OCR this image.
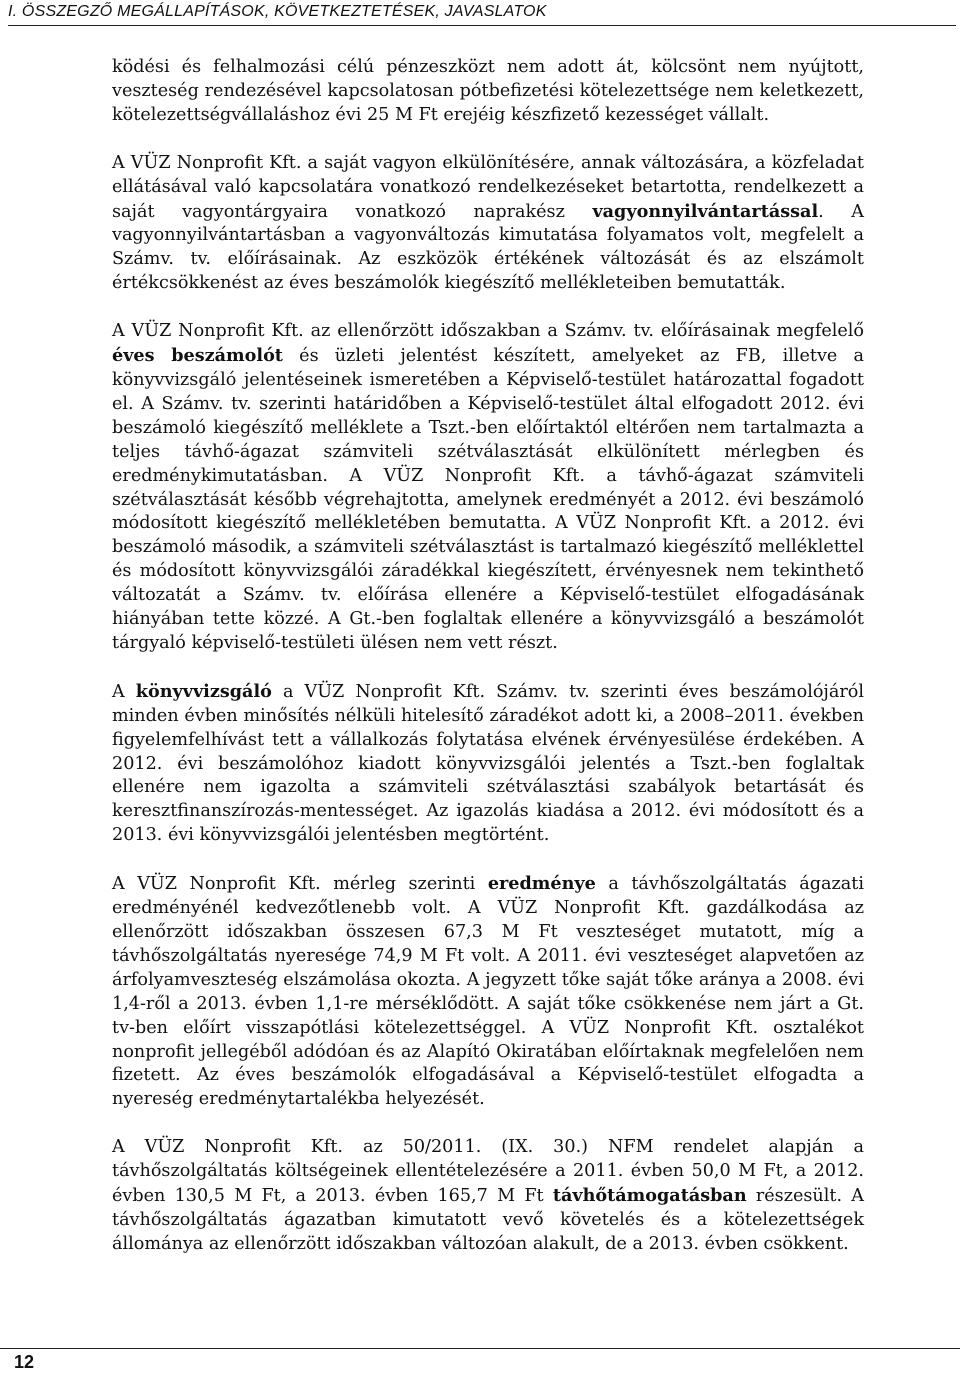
I. ÖSSZEGZŐ MEGÁLLAPÍTÁSOK, KÖVETKEZTETÉSEK, JAVASLATOK

ködési és felhalmozási célú pénzeszközt nem adott át, kölcsönt nem nyújtott, veszteség rendezésével kapcsolatosan pótbefizetési kötelezettsége nem keletkezett, kötelezettségvállaláshoz évi 25 M Ft erejéig készfizető kezességet vállalt.

A VÜZ Nonprofit Kft. a saját vagyon elkülönítésére, annak változására, a közfeladat ellátásával való kapcsolatára vonatkozó rendelkezéseket betartotta, rendelkezett a saját vagyontárgyaira vonatkozó naprakész vagyonnyilvántartással. A vagyonnyilvántartásban a vagyonváltozás kimutatása folyamatos volt, megfelelt a Számv. tv. előírásainak. Az eszközök értékének változását és az elszámolt értékcsökkenést az éves beszámolók kiegészítő mellékleteiben bemutatták.

A VÜZ Nonprofit Kft. az ellenőrzött időszakban a Számv. tv. előírásainak megfelelő éves beszámolót és üzleti jelentést készített, amelyeket az FB, illetve a könyvvizsgáló jelentéseinek ismeretében a Képviselő-testület határozattal fogadott el. A Számv. tv. szerinti határidőben a Képviselő-testület által elfogadott 2012. évi beszámoló kiegészítő melléklete a Tszt.-ben előírtaktól eltérően nem tartalmazta a teljes távhő-ágazat számviteli szétválasztását elkülönített mérlegben és eredménykimutatásban. A VÜZ Nonprofit Kft. a távhő-ágazat számviteli szétválasztását később végrehajtotta, amelynek eredményét a 2012. évi beszámoló módosított kiegészítő mellékletében bemutatta. A VÜZ Nonprofit Kft. a 2012. évi beszámoló második, a számviteli szétválasztást is tartalmazó kiegészítő melléklettel és módosított könyvvizsgálói záradékkal kiegészített, érvényesnek nem tekinthető változatát a Számv. tv. előírása ellenére a Képviselő-testület elfogadásának hiányában tette közzé. A Gt.-ben foglaltak ellenére a könyvvizsgáló a beszámolót tárgyaló képviselő-testületi ülésen nem vett részt.

A könyvvizsgáló a VÜZ Nonprofit Kft. Számv. tv. szerinti éves beszámolójáról minden évben minősítés nélküli hitelesítő záradékot adott ki, a 2008–2011. években figyelemfelhívást tett a vállalkozás folytatása elvének érvényesülése érdekében. A 2012. évi beszámolóhoz kiadott könyvvizsgálói jelentés a Tszt.-ben foglaltak ellenére nem igazolta a számviteli szétválasztási szabályok betartását és keresztfinanszírozás-mentességet. Az igazolás kiadása a 2012. évi módosított és a 2013. évi könyvvizsgálói jelentésben megtörtént.

A VÜZ Nonprofit Kft. mérleg szerinti eredménye a távhőszolgáltatás ágazati eredményénél kedvezőtlenebb volt. A VÜZ Nonprofit Kft. gazdálkodása az ellenőrzött időszakban összesen 67,3 M Ft veszteséget mutatott, míg a távhőszolgáltatás nyeresége 74,9 M Ft volt. A 2011. évi veszteséget alapvetően az árfolyamveszteség elszámolása okozta. A jegyzett tőke saját tőke aránya a 2008. évi 1,4-ről a 2013. évben 1,1-re mérséklődött. A saját tőke csökkenése nem járt a Gt. tv-ben előírt visszapótlási kötelezettséggel. A VÜZ Nonprofit Kft. osztalékot nonprofit jellegéből adódóan és az Alapító Okiratában előírtaknak megfelelően nem fizetett. Az éves beszámolók elfogadásával a Képviselő-testület elfogadta a nyereség eredménytartalékba helyezését.

A VÜZ Nonprofit Kft. az 50/2011. (IX. 30.) NFM rendelet alapján a távhőszolgáltatás költségeinek ellentételezésére a 2011. évben 50,0 M Ft, a 2012. évben 130,5 M Ft, a 2013. évben 165,7 M Ft távhőtámogatásban részesült. A távhőszolgáltatás ágazatban kimutatott vevő követelés és a kötelezettségek állománya az ellenőrzött időszakban változóan alakult, de a 2013. évben csökkent.

12
